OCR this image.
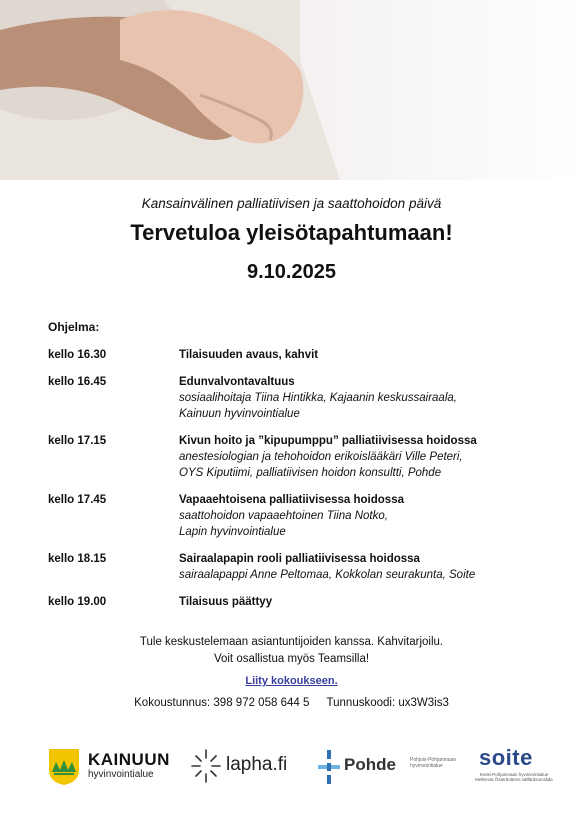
Kansainvälinen palliatiivisen ja saattohoidon päivä
Tervetuloa yleisötapahtumaan!
9.10.2025
Ohjelma:
kello 16.30	Tilaisuuden avaus, kahvit
kello 16.45	Edunvalvontavaltuus
sosiaalihoitaja Tiina Hintikka, Kajaanin keskussairaala,
Kainuun hyvinvointialue
kello 17.15	Kivun hoito ja ”kipupumppu” palliatiivisessa hoidossa
anestesiologian ja tehohoidon erikoislääkäri Ville Peteri,
OYS Kiputiimi, palliatiivisen hoidon konsultti, Pohde
kello 17.45	Vapaaehtoisena palliatiivisessa hoidossa
saattohoidon vapaaehtoinen Tiina Notko,
Lapin hyvinvointialue
kello 18.15	Sairaalapapin rooli palliatiivisessa hoidossa
sairaalapappi Anne Peltomaa, Kokkolan seurakunta, Soite
kello 19.00	Tilaisuus päättyy
Tule keskustelemaan asiantuntijoiden kanssa. Kahvitarjoilu.
Voit osallistua myös Teamsilla!
Liity kokoukseen.
Kokoustunnus: 398 972 058 644 5 Tunnuskoodi: ux3W3is3
KAINUUN
hyvinvointialue	lapha.fi	Pohde	Pohjois-Pohjanmaan hyvinvointialue	soite
Keski-Pohjanmaan hyvinvointialue Mellersta Österbottens välfärdsområde
